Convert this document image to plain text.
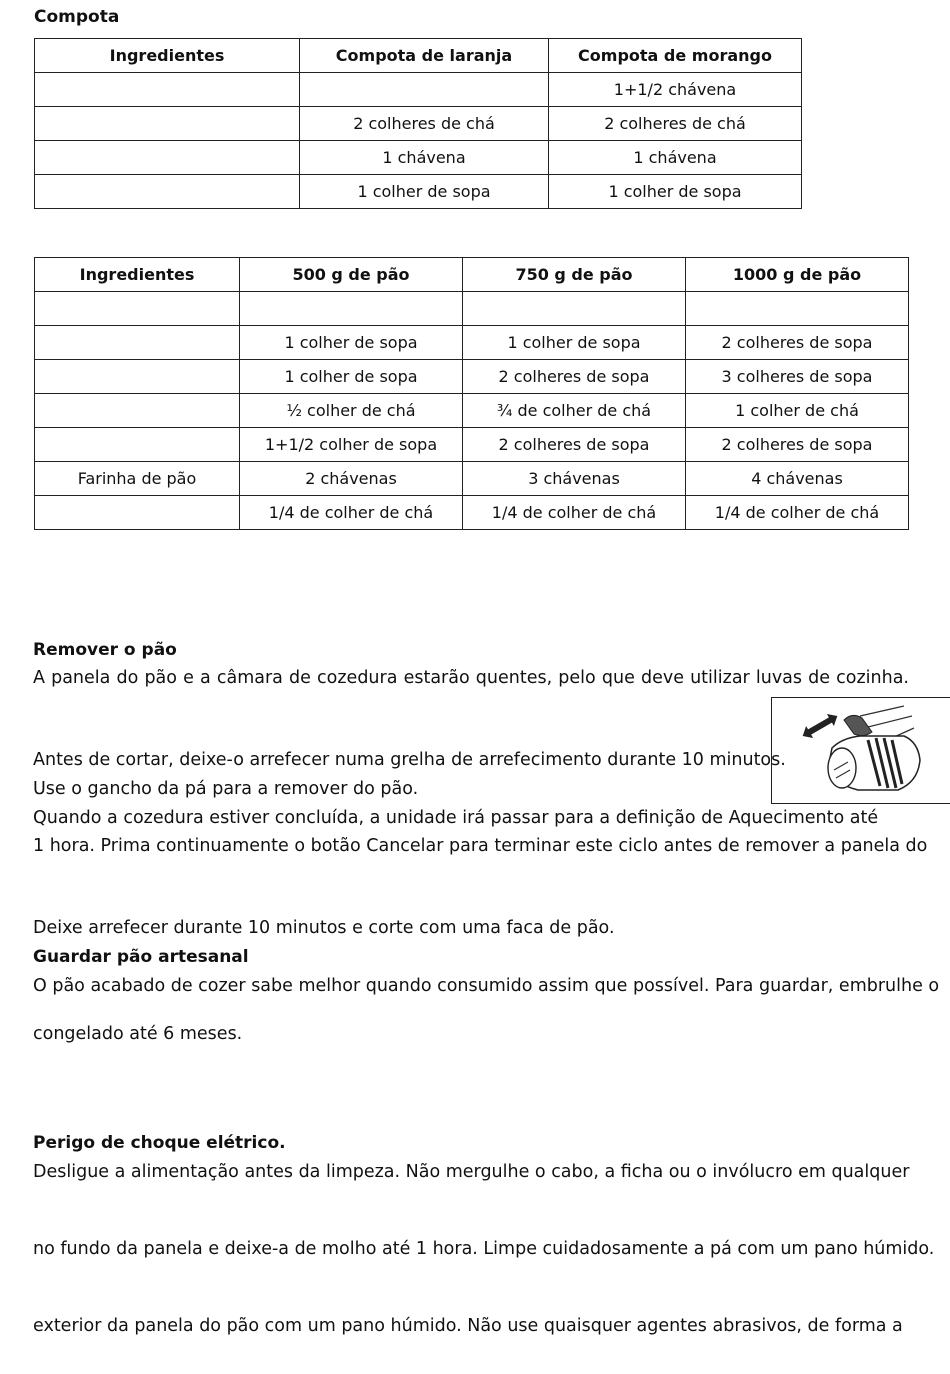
Compota
Ingredientes	Compota de laranja	Compota de morango
		1+1/2 chávena
	2 colheres de chá	2 colheres de chá
	1 chávena	1 chávena
	1 colher de sopa	1 colher de sopa
Ingredientes	500 g de pão	750 g de pão	1000 g de pão

	1 colher de sopa	1 colher de sopa	2 colheres de sopa
	1 colher de sopa	2 colheres de sopa	3 colheres de sopa
	½ colher de chá	¾ de colher de chá	1 colher de chá
	1+1/2 colher de sopa	2 colheres de sopa	2 colheres de sopa
Farinha de pão	2 chávenas	3 chávenas	4 chávenas
	1/4 de colher de chá	1/4 de colher de chá	1/4 de colher de chá
Remover o pão
A panela do pão e a câmara de cozedura estarão quentes, pelo que deve utilizar luvas de cozinha.
Antes de cortar, deixe-o arrefecer numa grelha de arrefecimento durante 10 minutos.
Use o gancho da pá para a remover do pão.
Quando a cozedura estiver concluída, a unidade irá passar para a definição de Aquecimento até
1 hora. Prima continuamente o botão Cancelar para terminar este ciclo antes de remover a panela do
Deixe arrefecer durante 10 minutos e corte com uma faca de pão.
Guardar pão artesanal
O pão acabado de cozer sabe melhor quando consumido assim que possível. Para guardar, embrulhe o
congelado até 6 meses.
Perigo de choque elétrico.
Desligue a alimentação antes da limpeza. Não mergulhe o cabo, a ficha ou o invólucro em qualquer
no fundo da panela e deixe-a de molho até 1 hora. Limpe cuidadosamente a pá com um pano húmido.
exterior da panela do pão com um pano húmido. Não use quaisquer agentes abrasivos, de forma a
